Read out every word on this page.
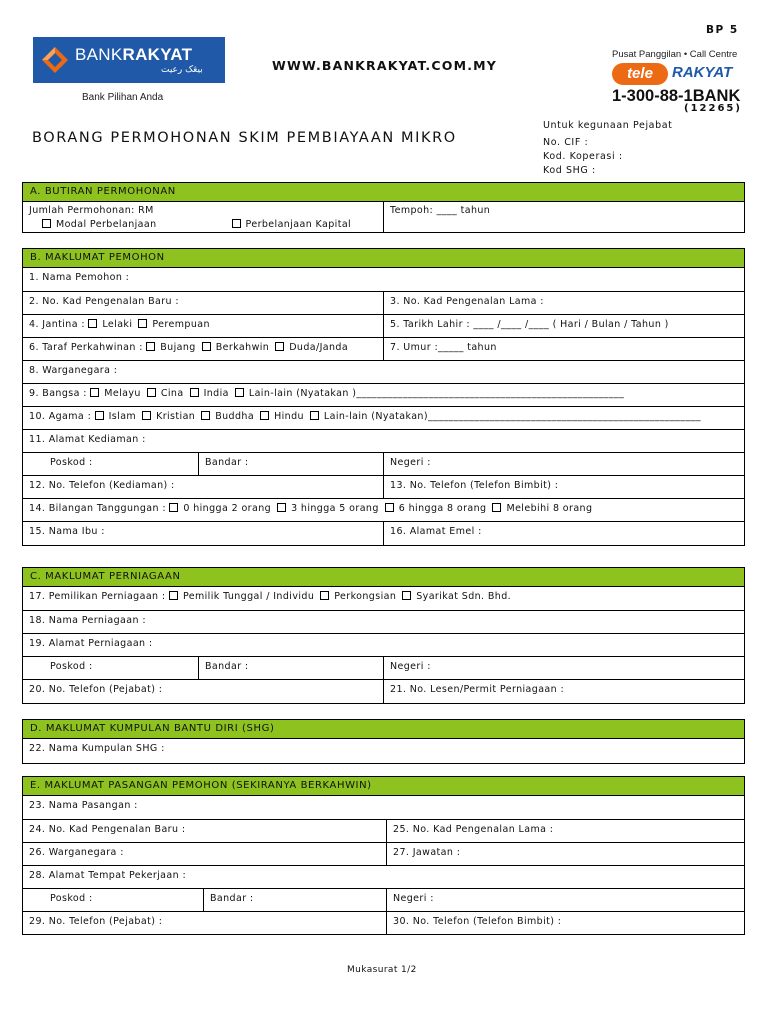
BANKRAKYAT
بيڠک رعيت
Bank Pilihan Anda
WWW.BANKRAKYAT.COM.MY
BP 5
Pusat Panggilan • Call Centre
tele	RAKYAT
1-300-88-1BANK
(12265)
BORANG PERMOHONAN SKIM PEMBIAYAAN MIKRO
Untuk kegunaan Pejabat
No. CIF :
Kod. Koperasi :
Kod SHG :
A. BUTIRAN PERMOHONAN
Jumlah Permohonan: RM
Modal Perbelanjaan	Perbelanjaan Kapital
Tempoh: ____ tahun
B. MAKLUMAT PEMOHON
1. Nama Pemohon :
2. No. Kad Pengenalan Baru :	3. No. Kad Pengenalan Lama :
4. Jantina : Lelaki Perempuan	5. Tarikh Lahir : ____ /____ /____ ( Hari / Bulan / Tahun )
6. Taraf Perkahwinan : Bujang Berkahwin Duda/Janda	7. Umur :_____ tahun
8. Warganegara :
9. Bangsa : Melayu Cina India Lain-lain (Nyatakan )____________________________________________________
10. Agama : Islam Kristian Buddha Hindu Lain-lain (Nyatakan)_____________________________________________________
11. Alamat Kediaman :
Poskod :	Bandar :	Negeri :
12. No. Telefon (Kediaman) :	13. No. Telefon (Telefon Bimbit) :
14. Bilangan Tanggungan : 0 hingga 2 orang 3 hingga 5 orang 6 hingga 8 orang Melebihi 8 orang
15. Nama Ibu :	16. Alamat Emel :
C. MAKLUMAT PERNIAGAAN
17. Pemilikan Perniagaan : Pemilik Tunggal / Individu Perkongsian Syarikat Sdn. Bhd.
18. Nama Perniagaan :
19. Alamat Perniagaan :
Poskod :	Bandar :	Negeri :
20. No. Telefon (Pejabat) :	21. No. Lesen/Permit Perniagaan :
D. MAKLUMAT KUMPULAN BANTU DIRI (SHG)
22. Nama Kumpulan SHG :
E. MAKLUMAT PASANGAN PEMOHON (SEKIRANYA BERKAHWIN)
23. Nama Pasangan :
24. No. Kad Pengenalan Baru :	25. No. Kad Pengenalan Lama :
26. Warganegara :	27. Jawatan :
28. Alamat Tempat Pekerjaan :
Poskod :	Bandar :	Negeri :
29. No. Telefon (Pejabat) :	30. No. Telefon (Telefon Bimbit) :
Mukasurat 1/2
